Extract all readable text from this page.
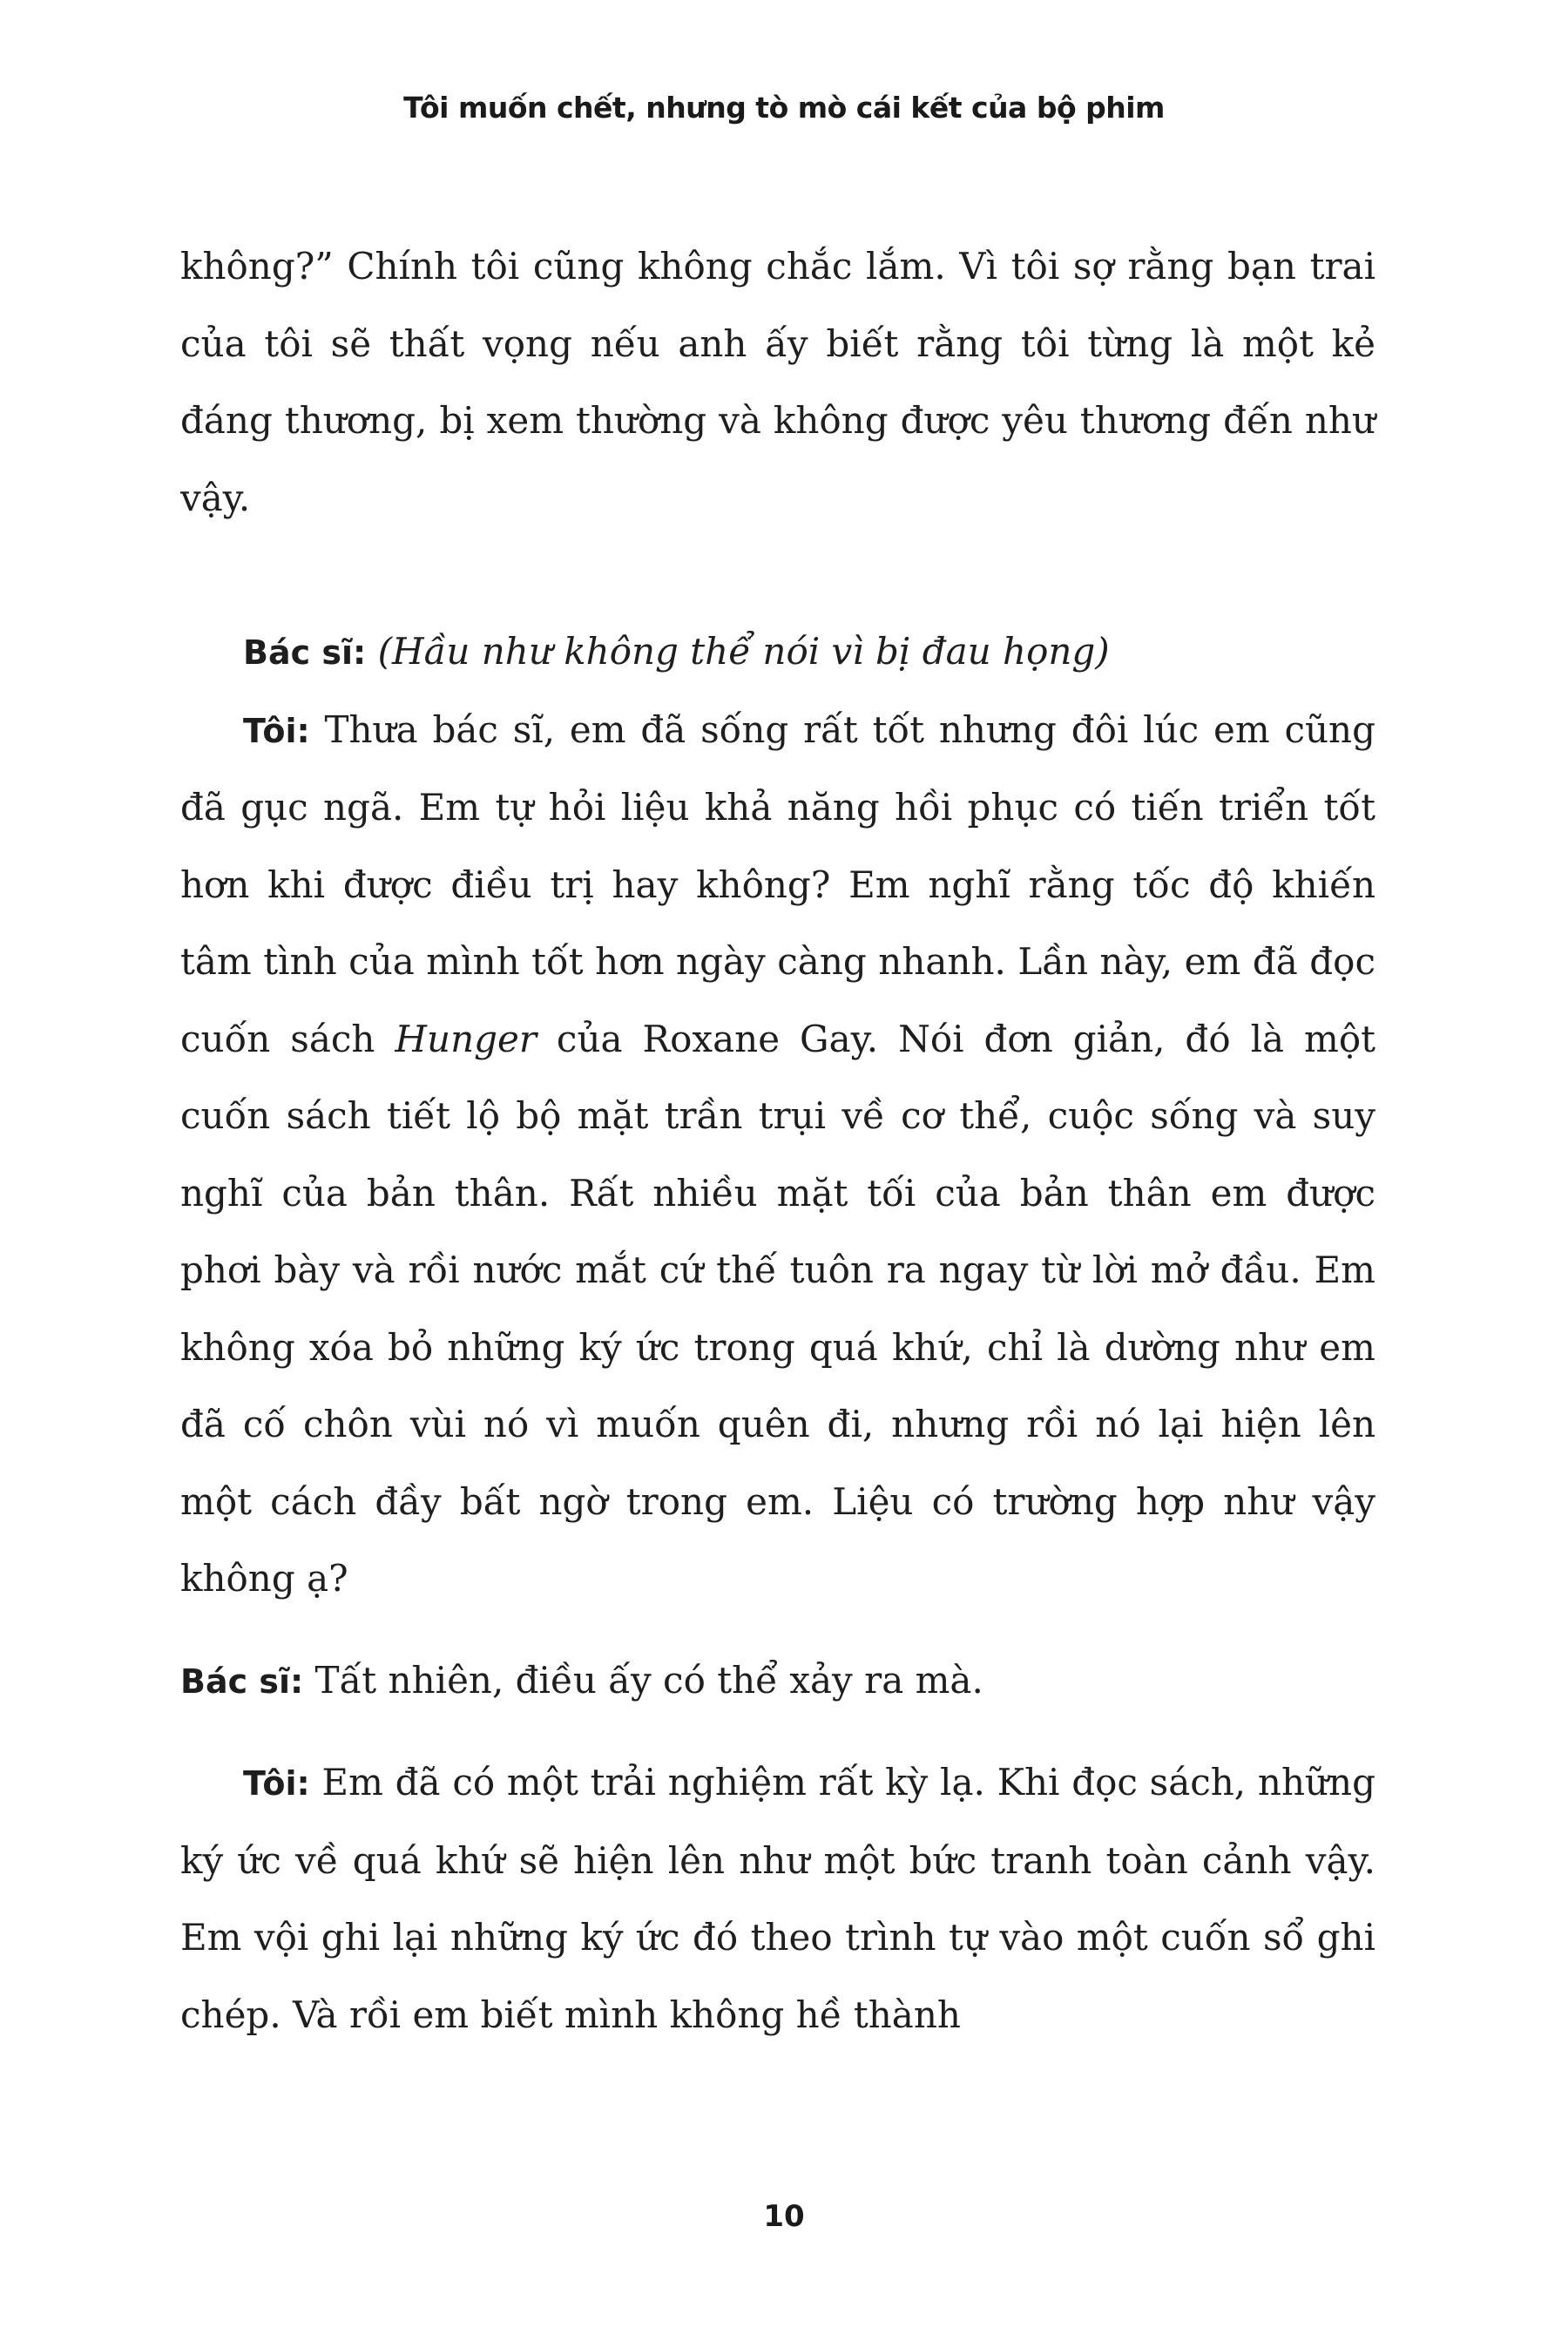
Tôi muốn chết, nhưng tò mò cái kết của bộ phim

không?” Chính tôi cũng không chắc lắm. Vì tôi sợ rằng bạn trai của tôi sẽ thất vọng nếu anh ấy biết rằng tôi từng là một kẻ đáng thương, bị xem thường và không được yêu thương đến như vậy.

Bác sĩ: (Hầu như không thể nói vì bị đau họng)

Tôi: Thưa bác sĩ, em đã sống rất tốt nhưng đôi lúc em cũng đã gục ngã. Em tự hỏi liệu khả năng hồi phục có tiến triển tốt hơn khi được điều trị hay không? Em nghĩ rằng tốc độ khiến tâm tình của mình tốt hơn ngày càng nhanh. Lần này, em đã đọc cuốn sách Hunger của Roxane Gay. Nói đơn giản, đó là một cuốn sách tiết lộ bộ mặt trần trụi về cơ thể, cuộc sống và suy nghĩ của bản thân. Rất nhiều mặt tối của bản thân em được phơi bày và rồi nước mắt cứ thế tuôn ra ngay từ lời mở đầu. Em không xóa bỏ những ký ức trong quá khứ, chỉ là dường như em đã cố chôn vùi nó vì muốn quên đi, nhưng rồi nó lại hiện lên một cách đầy bất ngờ trong em. Liệu có trường hợp như vậy không ạ?

Bác sĩ: Tất nhiên, điều ấy có thể xảy ra mà.

Tôi: Em đã có một trải nghiệm rất kỳ lạ. Khi đọc sách, những ký ức về quá khứ sẽ hiện lên như một bức tranh toàn cảnh vậy. Em vội ghi lại những ký ức đó theo trình tự vào một cuốn sổ ghi chép. Và rồi em biết mình không hề thành

10
